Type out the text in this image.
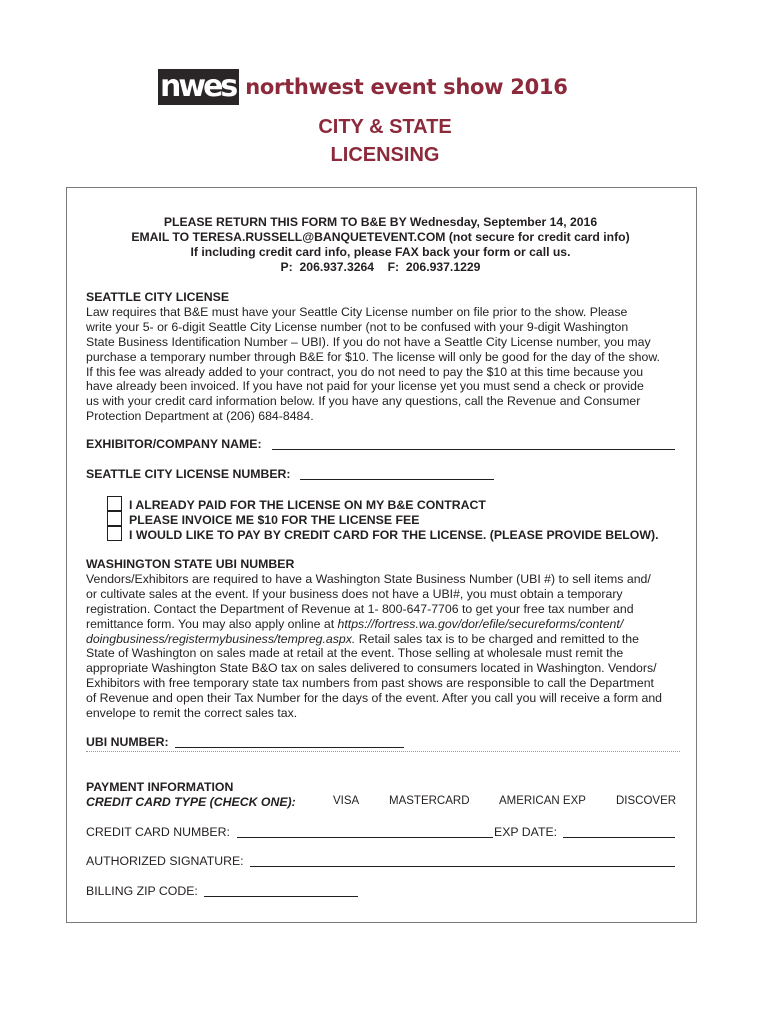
nwes northwest event show 2016
CITY & STATE
LICENSING
PLEASE RETURN THIS FORM TO B&E BY Wednesday, September 14, 2016
EMAIL TO TERESA.RUSSELL@BANQUETEVENT.COM (not secure for credit card info)
If including credit card info, please FAX back your form or call us.
P:  206.937.3264    F:  206.937.1229
SEATTLE CITY LICENSE
Law requires that B&E must have your Seattle City License number on file prior to the show. Please
write your 5- or 6-digit Seattle City License number (not to be confused with your 9-digit Washington
State Business Identification Number – UBI). If you do not have a Seattle City License number, you may
purchase a temporary number through B&E for $10. The license will only be good for the day of the show.
If this fee was already added to your contract, you do not need to pay the $10 at this time because you
have already been invoiced. If you have not paid for your license yet you must send a check or provide
us with your credit card information below. If you have any questions, call the Revenue and Consumer
Protection Department at (206) 684-8484.
EXHIBITOR/COMPANY NAME:
SEATTLE CITY LICENSE NUMBER:
I ALREADY PAID FOR THE LICENSE ON MY B&E CONTRACT
PLEASE INVOICE ME $10 FOR THE LICENSE FEE
I WOULD LIKE TO PAY BY CREDIT CARD FOR THE LICENSE. (PLEASE PROVIDE BELOW).
WASHINGTON STATE UBI NUMBER
Vendors/Exhibitors are required to have a Washington State Business Number (UBI #) to sell items and/
or cultivate sales at the event. If your business does not have a UBI#, you must obtain a temporary
registration. Contact the Department of Revenue at 1- 800-647-7706 to get your free tax number and
remittance form. You may also apply online at https://fortress.wa.gov/dor/efile/secureforms/content/
doingbusiness/registermybusiness/tempreg.aspx. Retail sales tax is to be charged and remitted to the
State of Washington on sales made at retail at the event. Those selling at wholesale must remit the
appropriate Washington State B&O tax on sales delivered to consumers located in Washington. Vendors/
Exhibitors with free temporary state tax numbers from past shows are responsible to call the Department
of Revenue and open their Tax Number for the days of the event. After you call you will receive a form and
envelope to remit the correct sales tax.
UBI NUMBER:
PAYMENT INFORMATION
CREDIT CARD TYPE (CHECK ONE):	VISA	MASTERCARD	AMERICAN EXP	DISCOVER
CREDIT CARD NUMBER:	EXP DATE:
AUTHORIZED SIGNATURE:
BILLING ZIP CODE:
